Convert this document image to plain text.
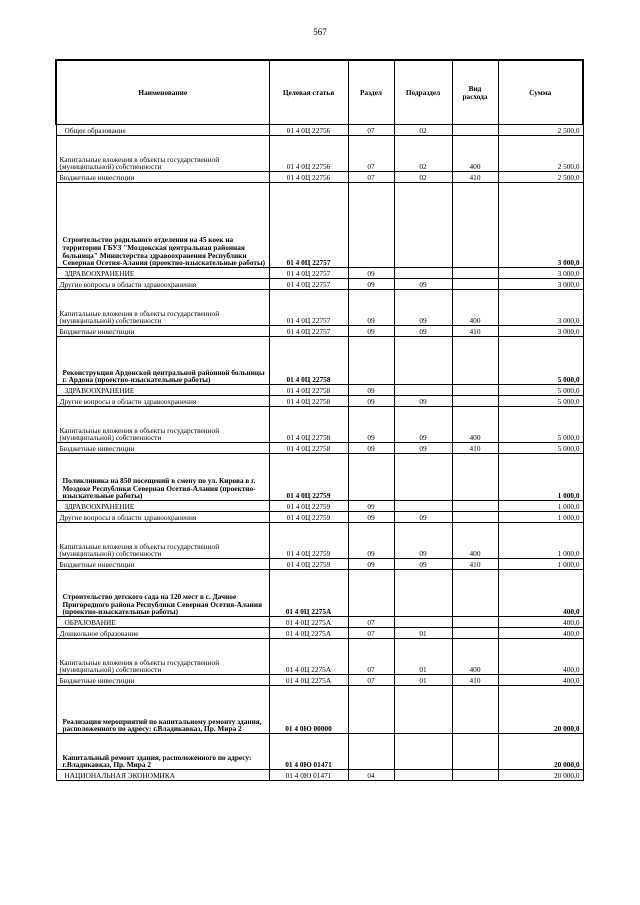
567
Наименование	Целевая статья	Раздел	Подраздел	Вид расхода	Сумма
Общее образование	01 4 0Ц 22756	07	02		2 500,0
Капитальные вложения в объекты государственной (муниципальной) собственности	01 4 0Ц 22756	07	02	400	2 500,0
Бюджетные инвестиции	01 4 0Ц 22756	07	02	410	2 500,0
Строительство родильного отделения на 45 коек на территории ГБУЗ "Моздокская центральная районная больница" Министерства здравоохранения Республики Северная Осетия-Алания (проектно-изыскательные работы)	01 4 0Ц 22757				3 000,0
ЗДРАВООХРАНЕНИЕ	01 4 0Ц 22757	09			3 000,0
Другие вопросы в области здравоохранения	01 4 0Ц 22757	09	09		3 000,0
Капитальные вложения в объекты государственной (муниципальной) собственности	01 4 0Ц 22757	09	09	400	3 000,0
Бюджетные инвестиции	01 4 0Ц 22757	09	09	410	3 000,0
Реконструкция Ардонской центральной районной больницы г. Ардона (проектно-изыскательные работы)	01 4 0Ц 22758				5 000,0
ЗДРАВООХРАНЕНИЕ	01 4 0Ц 22758	09			5 000,0
Другие вопросы в области здравоохранения	01 4 0Ц 22758	09	09		5 000,0
Капитальные вложения в объекты государственной (муниципальной) собственности	01 4 0Ц 22758	09	09	400	5 000,0
Бюджетные инвестиции	01 4 0Ц 22758	09	09	410	5 000,0
Поликлиника на 850 посещений в смену по ул. Кирова в г. Моздоке Республики Северная Осетия-Алания (проектно-изыскательные работы)	01 4 0Ц 22759				1 000,0
ЗДРАВООХРАНЕНИЕ	01 4 0Ц 22759	09			1 000,0
Другие вопросы в области здравоохранения	01 4 0Ц 22759	09	09		1 000,0
Капитальные вложения в объекты государственной (муниципальной) собственности	01 4 0Ц 22759	09	09	400	1 000,0
Бюджетные инвестиции	01 4 0Ц 22759	09	09	410	1 000,0
Строительство детского сада на 120 мест в с. Дачное Пригородного района Республики Северная Осетия-Алания (проектно-изыскательные работы)	01 4 0Ц 2275А				400,0
ОБРАЗОВАНИЕ	01 4 0Ц 2275А	07			400,0
Дошкольное образование	01 4 0Ц 2275А	07	01		400,0
Капитальные вложения в объекты государственной (муниципальной) собственности	01 4 0Ц 2275А	07	01	400	400,0
Бюджетные инвестиции	01 4 0Ц 2275А	07	01	410	400,0
Реализация мероприятий по капитальному ремонту здания, расположенного по адресу: г.Владикавказ, Пр. Мира 2	01 4 0Ю 00000				20 000,0
Капитальный ремонт здания, расположенного по адресу: г.Владикавказ, Пр. Мира 2	01 4 0Ю 01471				20 000,0
НАЦИОНАЛЬНАЯ ЭКОНОМИКА	01 4 0Ю 01471	04			20 000,0
